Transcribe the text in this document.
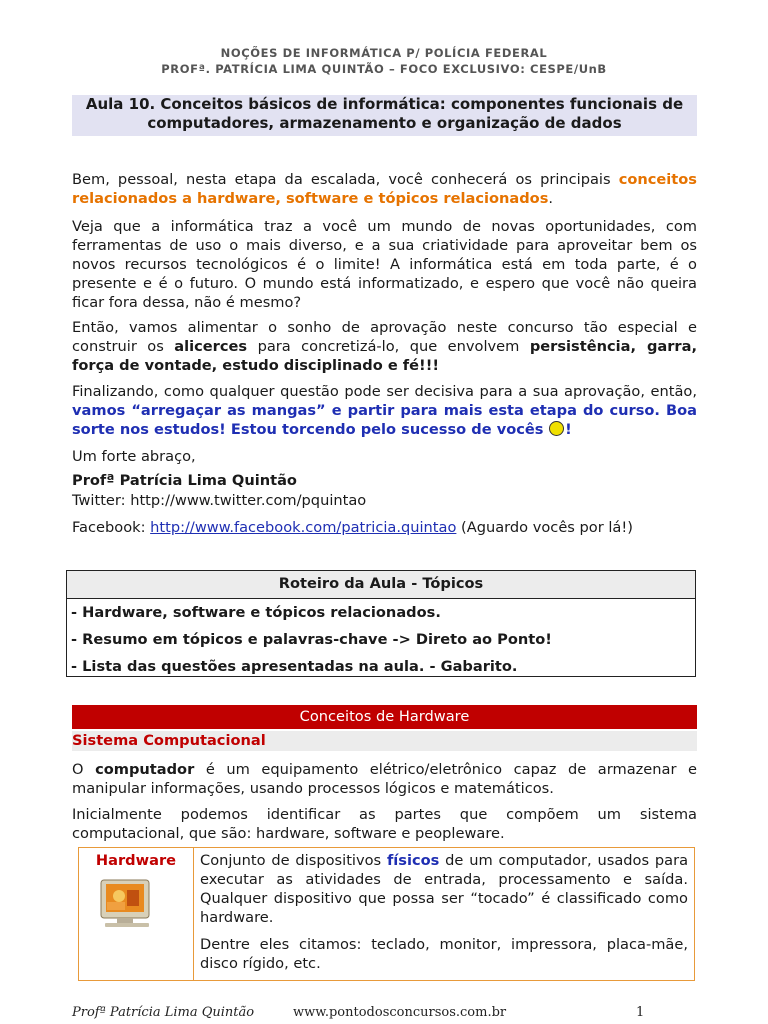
NOÇÕES DE INFORMÁTICA P/ POLÍCIA FEDERAL
PROFª. PATRÍCIA LIMA QUINTÃO – FOCO EXCLUSIVO: CESPE/UnB
Aula 10. Conceitos básicos de informática: componentes funcionais de
computadores, armazenamento e organização de dados

Bem, pessoal, nesta etapa da escalada, você conhecerá os principais conceitos relacionados a hardware, software e tópicos relacionados.

Veja que a informática traz a você um mundo de novas oportunidades, com ferramentas de uso o mais diverso, e a sua criatividade para aproveitar bem os novos recursos tecnológicos é o limite! A informática está em toda parte, é o presente e é o futuro. O mundo está informatizado, e espero que você não queira ficar fora dessa, não é mesmo?

Então, vamos alimentar o sonho de aprovação neste concurso tão especial e construir os alicerces para concretizá-lo, que envolvem persistência, garra, força de vontade, estudo disciplinado e fé!!!

Finalizando, como qualquer questão pode ser decisiva para a sua aprovação, então, vamos “arregaçar as mangas” e partir para mais esta etapa do curso. Boa sorte nos estudos! Estou torcendo pelo sucesso de vocês !

Um forte abraço,
Profª Patrícia Lima Quintão
Twitter: http://www.twitter.com/pquintao
Facebook: http://www.facebook.com/patricia.quintao (Aguardo vocês por lá!)
Roteiro da Aula - Tópicos
- Hardware, software e tópicos relacionados.
- Resumo em tópicos e palavras-chave -> Direto ao Ponto!
- Lista das questões apresentadas na aula. - Gabarito.
Conceitos de Hardware
Sistema Computacional

O computador é um equipamento elétrico/eletrônico capaz de armazenar e manipular informações, usando processos lógicos e matemáticos.

Inicialmente podemos identificar as partes que compõem um sistema computacional, que são: hardware, software e peopleware.

Hardware	Conjunto de dispositivos físicos de um computador, usados para executar as atividades de entrada, processamento e saída. Qualquer dispositivo que possa ser “tocado” é classificado como hardware.

Dentre eles citamos: teclado, monitor, impressora, placa-mãe, disco rígido, etc.

Profª Patrícia Lima Quintão	www.pontodosconcursos.com.br	1
